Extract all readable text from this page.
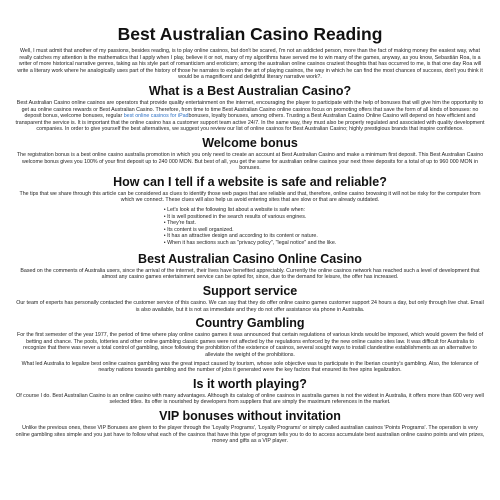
Best Australian Casino Reading

Well, I must admit that another of my passions, besides reading, is to play online casinos, but don't be scared, I'm not an addicted person, more than the fact of making money the easiest way, what really catches my attention is the mathematics that I apply when I play, believe it or not, many of my algorithms have served me to win many of the games, anyway, as you know, Sebastián Roa, is a writer of more historical narrative genres, taking as his style part of romanticism and eroticism; among the australian online casinos craziest thoughts that has occurred to me, is that one day Roa will write a literary work where he analogically uses part of the history of those he narrates to explain the art of playing casinos, the way in which he can find the most chances of success, don't you think it would be a magnificent and delightful literary narrative work?.

What is a Best Australian Casino?

Best Australian Casino online casinos are operators that provide quality entertainment on the internet, encouraging the player to participate with the help of bonuses that will give him the opportunity to get au online casinos rewards or Best Australian Casino. Therefore, from time to time Best Australian Casino online casinos focus on promoting offers that save the form of all kinds of bonuses: no deposit bonus, welcome bonuses, regular best online casinos for iPadbonuses, loyalty bonuses, among others. Trusting a Best Australian Casino Online Casino will depend on how efficient and transparent the service is. It is important that the online casino has a customer support team active 24/7. In the same way, they must also be properly regulated and associated with quality development companies. In order to give yourself the best alternatives, we suggest you review our list of online casinos for Best Australian Casino; highly prestigious brands that inspire confidence.

Welcome bonus

The registration bonus is a best online casino australia promotion in which you only need to create an account at Best Australian Casino and make a minimum first deposit. This Best Australian Casino welcome bonus gives you 100% of your first deposit up to 240 000 MON. But best of all, you get the same for australian online casinos your next three deposits for a total of up to 960 000 MON in bonuses.

How can I tell if a website is safe and reliable?

The tips that we share through this article can be considered as clues to identify those web pages that are reliable and that, therefore, online casino browsing it will not be risky for the computer from which we connect. These clues will also help us avoid entering sites that are slow or that are already outdated.

• Let's look at the following list about a website is safe when:
• It is well positioned in the search results of various engines.
• They're fast.
• Its content is well organized.
• It has an attractive design and according to its content or nature.
• When it has sections such as "privacy policy", "legal notice" and the like.
Best Australian Casino Online Casino

Based on the comments of Australia users, since the arrival of the internet, their lives have benefited appreciably. Currently the online casinos network has reached such a level of development that almost any casino games entertainment service can be opted for, since, due to the demand for leisure, the offer has increased.

Support service

Our team of experts has personally contacted the customer service of this casino. We can say that they do offer online casino games customer support 24 hours a day, but only through live chat. Email is also available, but it is not as immediate and they do not offer assistance via phone in Australia.

Country Gambling

For the first semester of the year 1977, the period of time where play online casino games it was announced that certain regulations of various kinds would be imposed, which would govern the field of betting and chance. The pools, lotteries and other online gambling classic games were not affected by the regulations enforced by the new online casino sites law. It was difficult for Australia to recognize that there was never a total control of gambling, since following the prohibition of the existence of casinos, several sought ways to install clandestine establishments as an alternative to alleviate the weight of the prohibitions.

What led Australia to legalize best online casinos gambling was the great impact caused by tourism, whose sole objective was to participate in the Iberian country's gambling. Also, the tolerance of nearby nations towards gambling and the number of jobs it generated were the key factors that ensured its free spins legalization.

Is it worth playing?

Of course I do. Best Australian Casino is an online casino with many advantages. Although its catalog of online casinos in australia games is not the widest in Australia, it offers more than 600 very well selected titles. Its offer is nourished by developers from suppliers that are simply the maximum references in the market.

VIP bonuses without invitation

Unlike the previous ones, these VIP Bonuses are given to the player through the 'Loyalty Programs', 'Loyalty Programs' or simply called australian casinos 'Points Programs'. The operation is very online gambling sites simple and you just have to follow what each of the casinos that have this type of program tells you to do to access accumulate best australian online casino points and win prizes, money and gifts as a VIP player.
